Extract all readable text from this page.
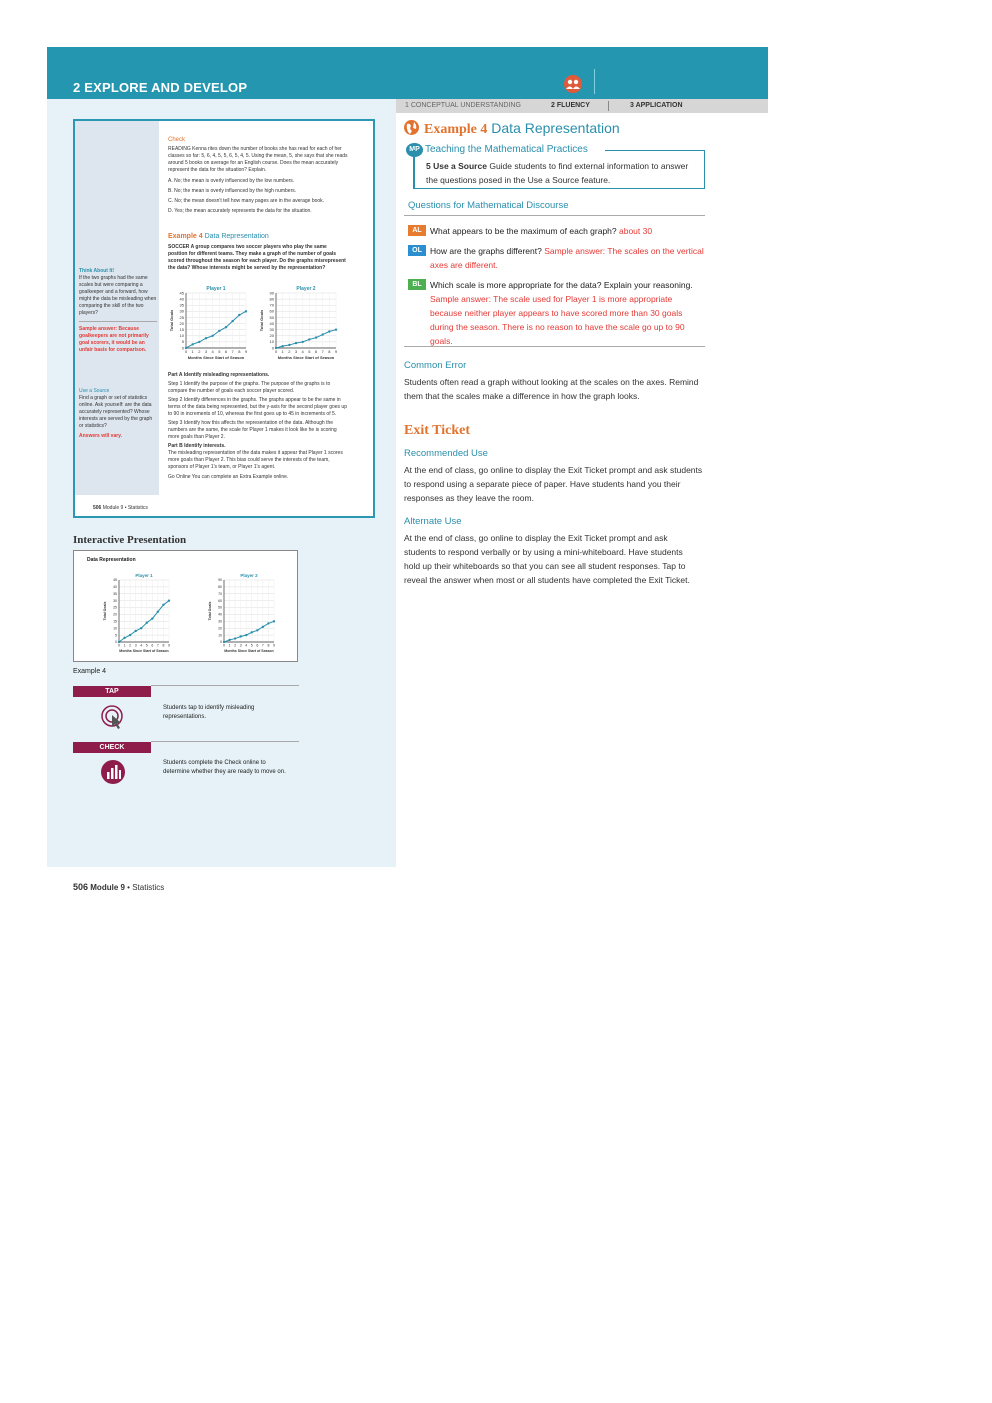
2 EXPLORE AND DEVELOP
1 CONCEPTUAL UNDERSTANDING	2 FLUENCY	3 APPLICATION
Check
READING Kenna rites down the number of books she has read for each of her classes so far: 5, 6, 4, 5, 5, 6, 5, 4, 5. Using the mean, 5, she says that she reads around 5 books on average for an English course. Does the mean accurately represent the data for the situation? Explain.
A. No; the mean is overly influenced by the low numbers.
B. No; the mean is overly influenced by the high numbers.
C. No; the mean doesn't tell how many pages are in the average book.
D. Yes; the mean accurately represents the data for the situation.
Example 4 Data Representation
SOCCER A group compares two soccer players who play the same position for different teams. They make a graph of the number of goals scored throughout the season for each player. Do the graphs misrepresent the data? Whose interests might be served by the representation?
Player 1
0
5
10
15
20
25
30
35
40
45
0 1 2 3 4 5 6 7 8 9
Total Goals
Months Since Start of Season
Player 2
0
10
20
30
40
50
60
70
80
90
0 1 2 3 4 5 6 7 8 9
Total Goals
Months Since Start of Season
Part A Identify misleading representations.
Step 1 Identify the purpose of the graphs. The purpose of the graphs is to compare the number of goals each soccer player scored.
Step 2 Identify differences in the graphs. The graphs appear to be the same in terms of the data being represented, but the y-axis for the second player goes up to 90 in increments of 10, whereas the first goes up to 45 in increments of 5.
Step 3 Identify how this affects the representation of the data. Although the numbers are the same, the scale for Player 1 makes it look like he is scoring more goals than Player 2.
Part B Identify interests.
The misleading representation of the data makes it appear that Player 1 scores more goals than Player 2. This bias could serve the interests of the team, sponsors of Player 1's team, or Player 1's agent.
Go Online You can complete an Extra Example online.
Think About It!
If the two graphs had the same scales but were comparing a goalkeeper and a forward, how might the data be misleading when comparing the skill of the two players?
Sample answer: Because goalkeepers are not primarily goal scorers, it would be an unfair basis for comparison.
Use a Source
Find a graph or set of statistics online. Ask yourself: are the data accurately represented? Whose interests are served by the graph or statistics?
Answers will vary.
506 Module 9 • Statistics
Interactive Presentation
Data Representation
Player 1
0
5
10
15
20
25
30
35
40
45
0 1 2 3 4 5 6 7 8 9
Total Goals
Months Since Start of Season
Player 2
0
10
20
30
40
50
60
70
80
90
0 1 2 3 4 5 6 7 8 9
Total Goals
Months Since Start of Season
Example 4
TAP
Students tap to identify misleading representations.
CHECK
Students complete the Check online to determine whether they are ready to move on.
Example 4 Data Representation
MP Teaching the Mathematical Practices
5 Use a Source Guide students to find external information to answer the questions posed in the Use a Source feature.
Questions for Mathematical Discourse
AL What appears to be the maximum of each graph? about 30
OL How are the graphs different? Sample answer: The scales on the vertical axes are different.
BL Which scale is more appropriate for the data? Explain your reasoning. Sample answer: The scale used for Player 1 is more appropriate because neither player appears to have scored more than 30 goals during the season. There is no reason to have the scale go up to 90 goals.
Common Error
Students often read a graph without looking at the scales on the axes. Remind them that the scales make a difference in how the graph looks.
Exit Ticket
Recommended Use
At the end of class, go online to display the Exit Ticket prompt and ask students to respond using a separate piece of paper. Have students hand you their responses as they leave the room.
Alternate Use
At the end of class, go online to display the Exit Ticket prompt and ask students to respond verbally or by using a mini-whiteboard. Have students hold up their whiteboards so that you can see all student responses. Tap to reveal the answer when most or all students have completed the Exit Ticket.
506 Module 9 • Statistics
